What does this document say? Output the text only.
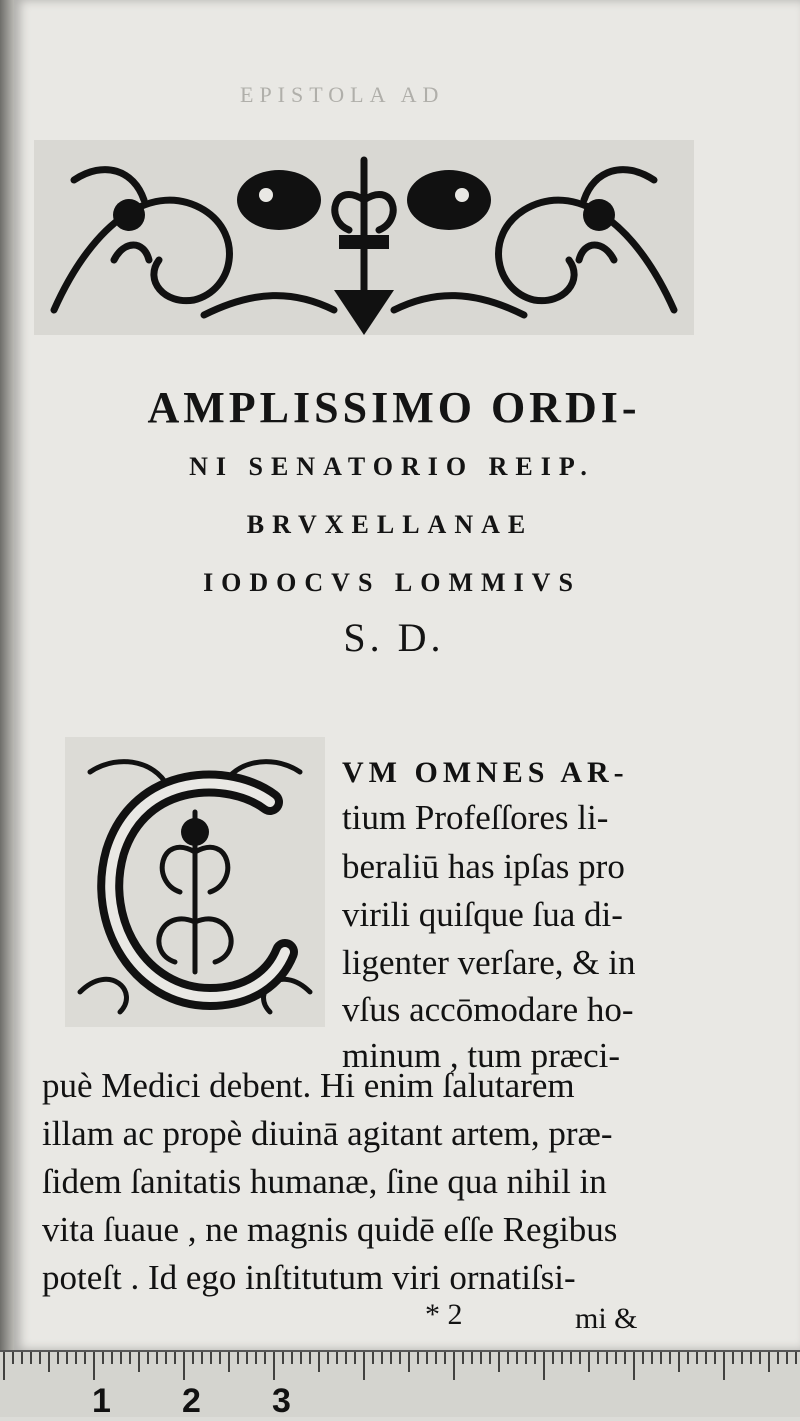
EPISTOLA AD
AMPLISSIMO ORDI-
NI SENATORIO REIP.
BRVXELLANAE
IODOCVS LOMMIVS
S. D.
VM OMNES AR-
tium Profeſſores li-
beraliū has ipſas pro
virili quiſque ſua di-
ligenter verſare, & in
vſus accōmodare ho-
minum , tum præci-
puè Medici debent. Hi enim ſalutarem
illam ac propè diuinā agitant artem, præ-
ſidem ſanitatis humanæ, ſine qua nihil in
vita ſuaue , ne magnis quidē eſſe Regibus
poteſt . Id ego inſtitutum viri ornatiſsi-
* 2	mi &
1 2 3
